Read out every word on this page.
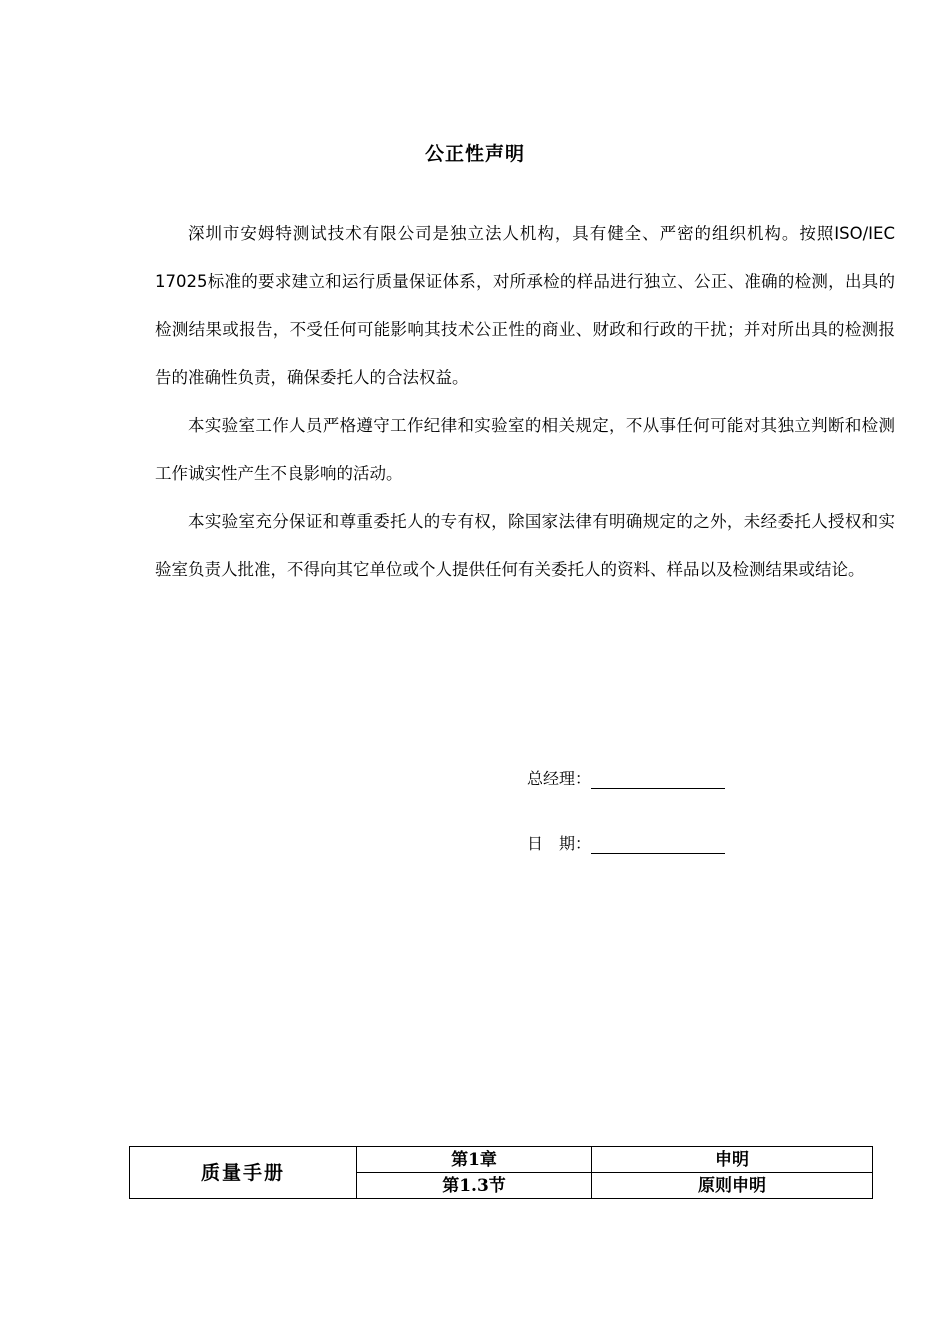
公正性声明

深圳市安姆特测试技术有限公司是独立法人机构，具有健全、严密的组织机构。按照ISO/IEC 17025标准的要求建立和运行质量保证体系，对所承检的样品进行独立、公正、准确的检测，出具的检测结果或报告，不受任何可能影响其技术公正性的商业、财政和行政的干扰；并对所出具的检测报告的准确性负责，确保委托人的合法权益。

本实验室工作人员严格遵守工作纪律和实验室的相关规定，不从事任何可能对其独立判断和检测工作诚实性产生不良影响的活动。

本实验室充分保证和尊重委托人的专有权，除国家法律有明确规定的之外，未经委托人授权和实验室负责人批准，不得向其它单位或个人提供任何有关委托人的资料、样品以及检测结果或结论。

总经理：
日　期：
质量手册	第1章	申明
	第1.3节	原则申明
